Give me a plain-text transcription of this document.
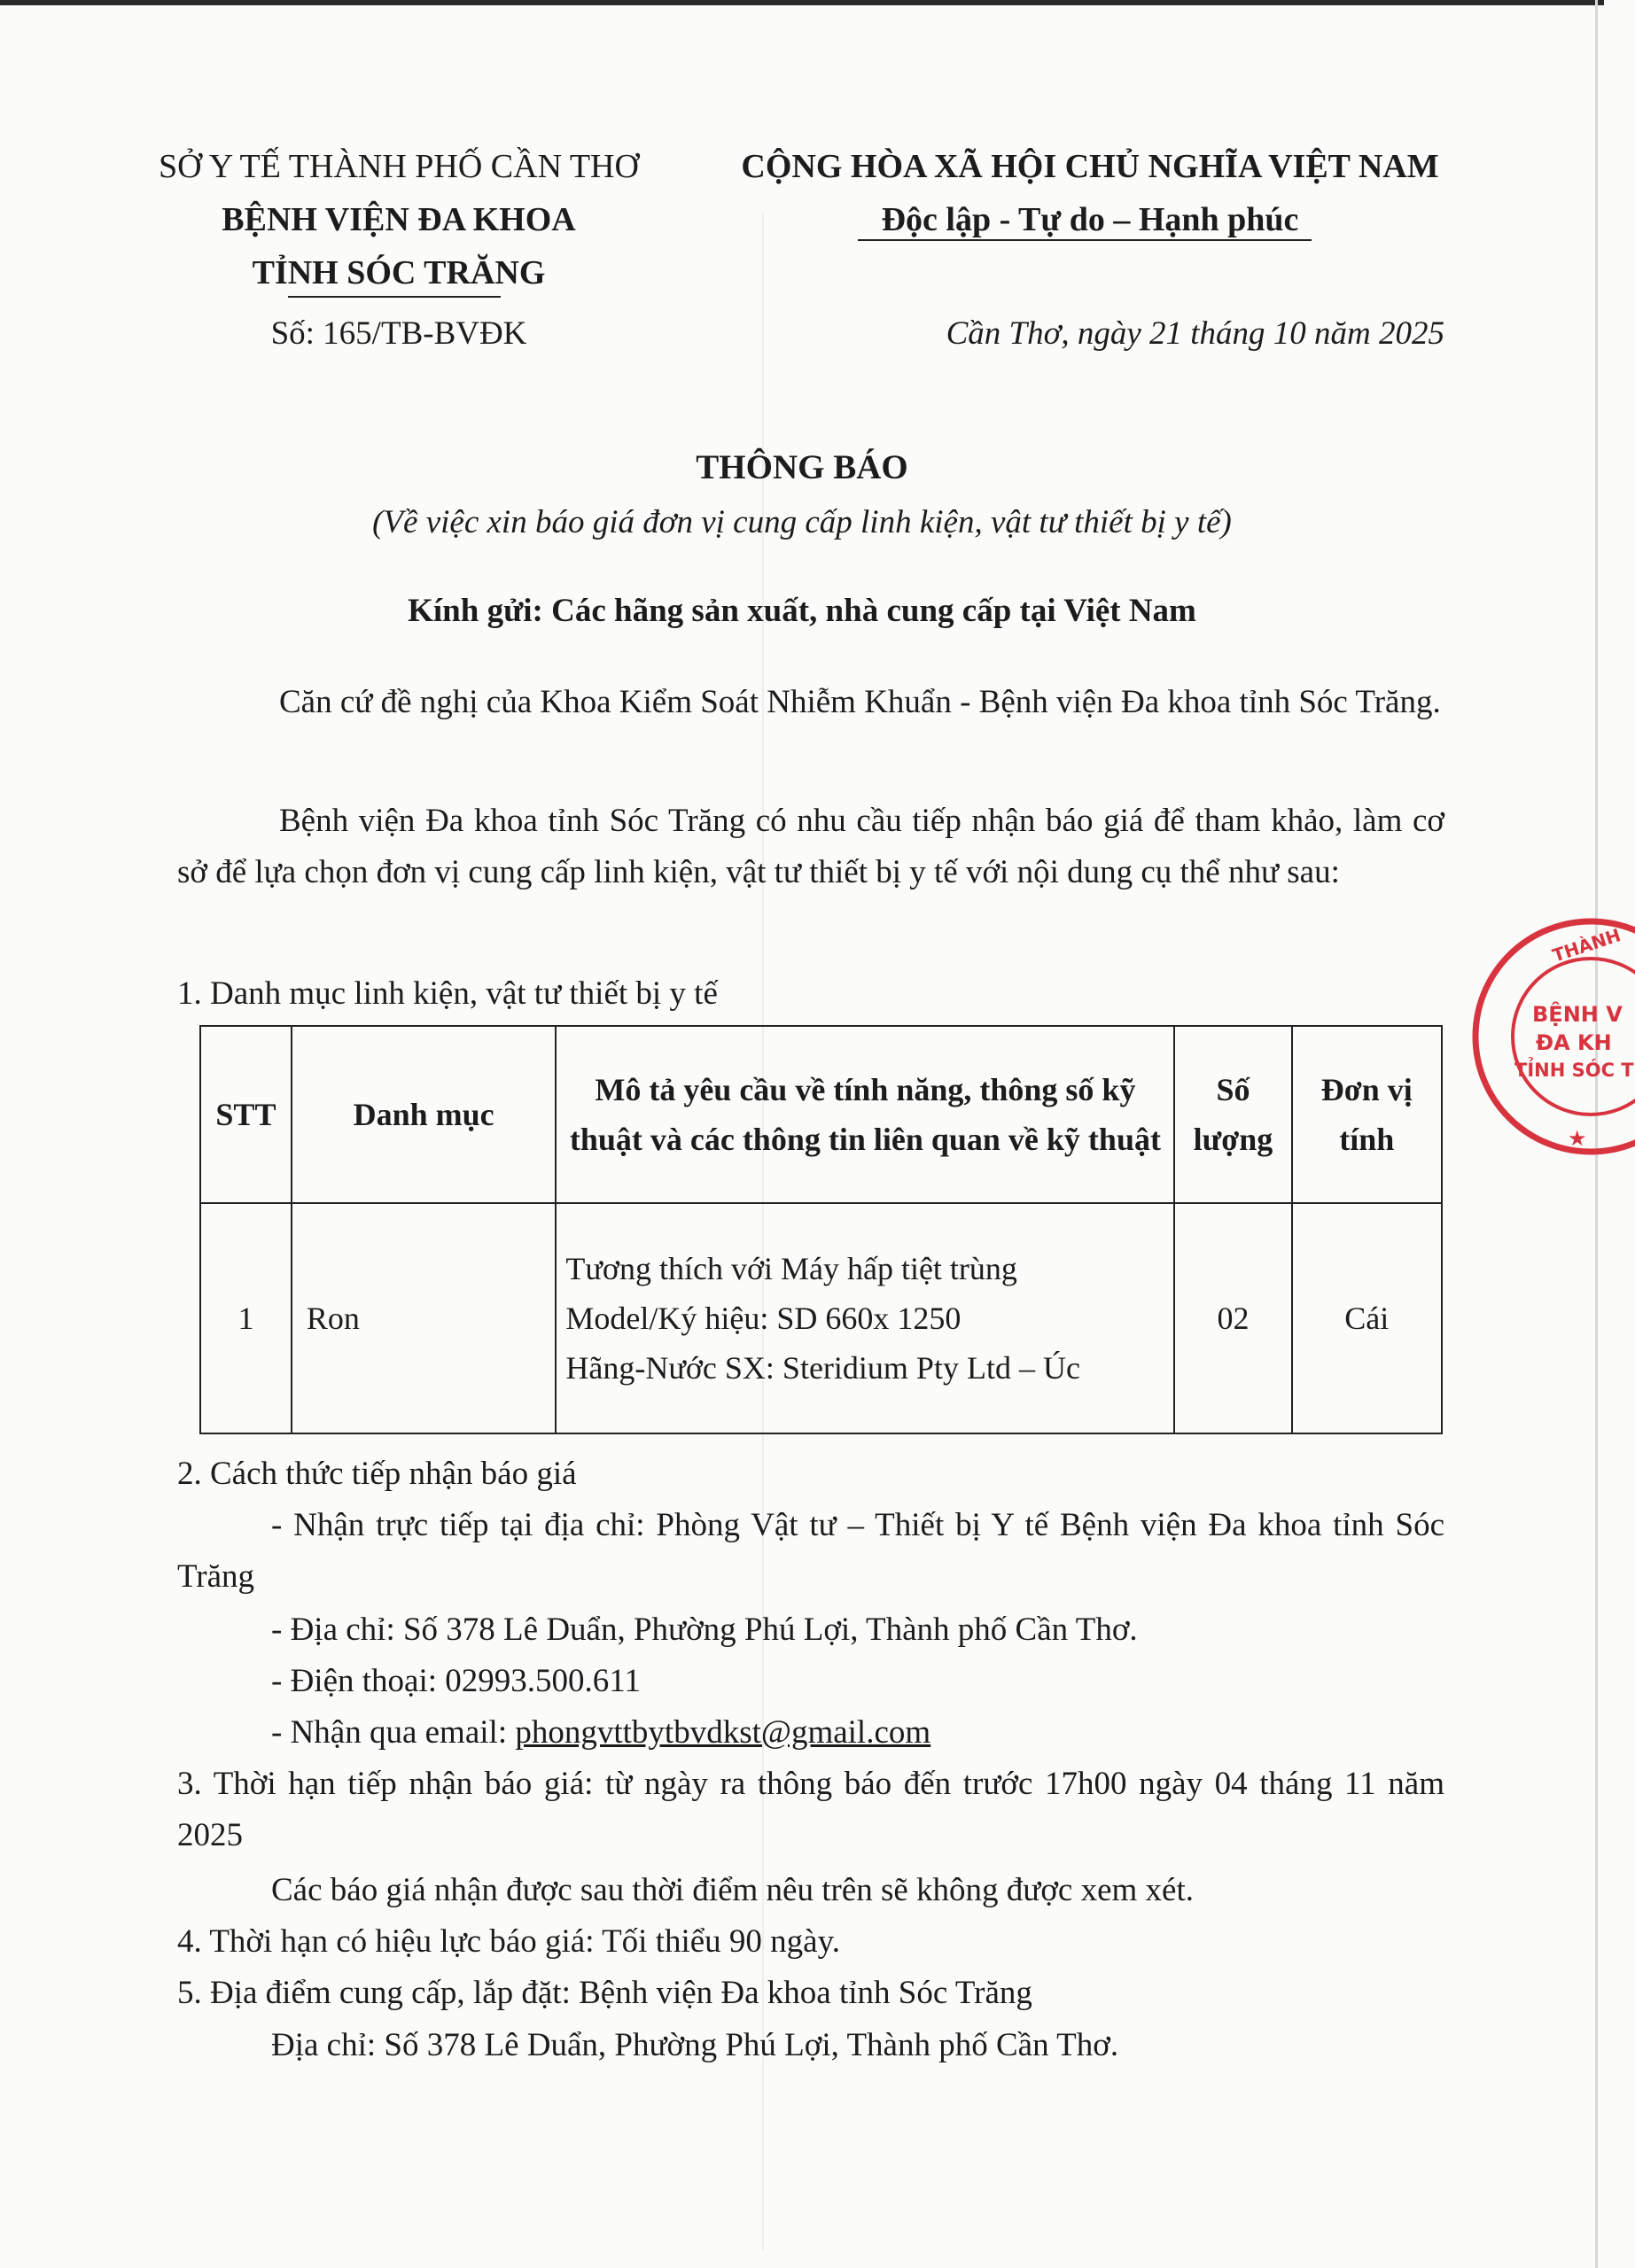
SỞ Y TẾ THÀNH PHỐ CẦN THƠ
BỆNH VIỆN ĐA KHOA
TỈNH SÓC TRĂNG
Số: 165/TB-BVĐK
CỘNG HÒA XÃ HỘI CHỦ NGHĨA VIỆT NAM
Độc lập - Tự do – Hạnh phúc
Cần Thơ, ngày 21 tháng 10 năm 2025
THÔNG BÁO
(Về việc xin báo giá đơn vị cung cấp linh kiện, vật tư thiết bị y tế)
Kính gửi: Các hãng sản xuất, nhà cung cấp tại Việt Nam

Căn cứ đề nghị của Khoa Kiểm Soát Nhiễm Khuẩn - Bệnh viện Đa khoa tỉnh Sóc Trăng.

Bệnh viện Đa khoa tỉnh Sóc Trăng có nhu cầu tiếp nhận báo giá để tham khảo, làm cơ sở để lựa chọn đơn vị cung cấp linh kiện, vật tư thiết bị y tế với nội dung cụ thể như sau:

1. Danh mục linh kiện, vật tư thiết bị y tế
STT	Danh mục	Mô tả yêu cầu về tính năng, thông số kỹ thuật và các thông tin liên quan về kỹ thuật	Số lượng	Đơn vị tính
1	Ron	Tương thích với Máy hấp tiệt trùng
Model/Ký hiệu: SD 660x 1250
Hãng-Nước SX: Steridium Pty Ltd – Úc	02	Cái
2. Cách thức tiếp nhận báo giá

- Nhận trực tiếp tại địa chỉ: Phòng Vật tư – Thiết bị Y tế Bệnh viện Đa khoa tỉnh Sóc Trăng

- Địa chỉ: Số 378 Lê Duẩn, Phường Phú Lợi, Thành phố Cần Thơ.
- Điện thoại: 02993.500.611
- Nhận qua email: phongvttbytbvdkst@gmail.com

3. Thời hạn tiếp nhận báo giá: từ ngày ra thông báo đến trước 17h00 ngày 04 tháng 11 năm 2025

Các báo giá nhận được sau thời điểm nêu trên sẽ không được xem xét.
4. Thời hạn có hiệu lực báo giá: Tối thiểu 90 ngày.
5. Địa điểm cung cấp, lắp đặt: Bệnh viện Đa khoa tỉnh Sóc Trăng
Địa chỉ: Số 378 Lê Duẩn, Phường Phú Lợi, Thành phố Cần Thơ.
THÀNH
BỆNH V
ĐA KH
TỈNH SÓC T
★
